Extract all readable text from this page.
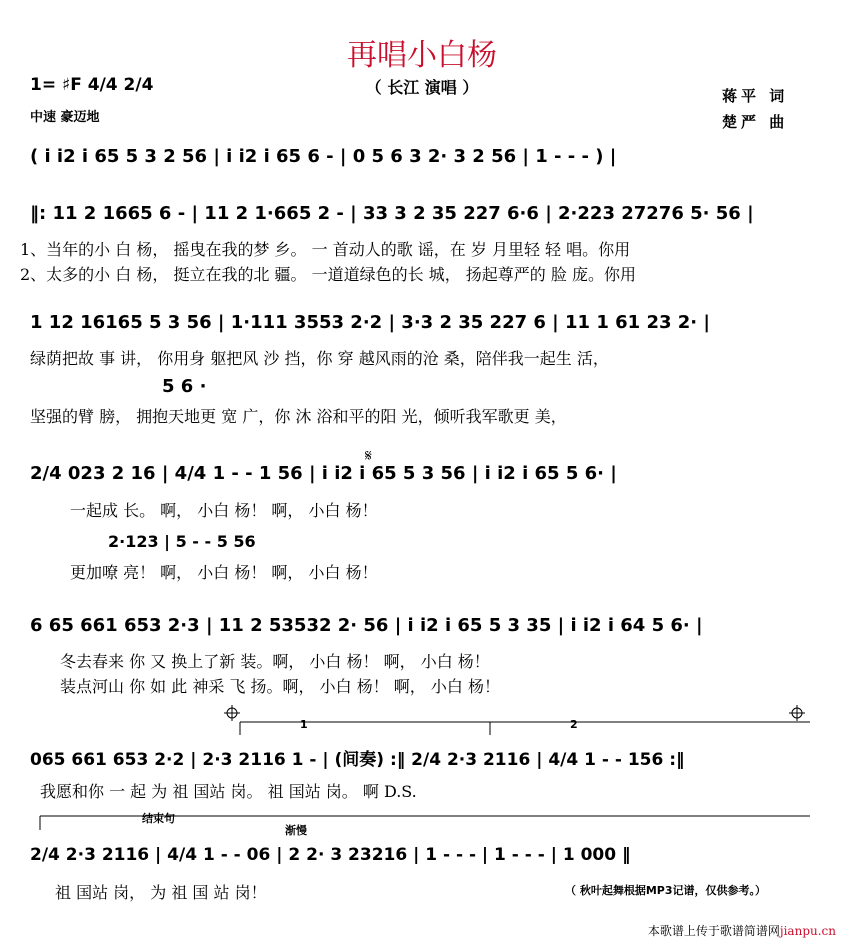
再唱小白杨
（ 长江 演唱 ）
1= ♯F 4/4 2/4
中速 豪迈地
蒋平 词
楚严 曲
( i i2 i 65 5 3 2 56 | i i2 i 65 6 - | 0 5 6 3 2· 3 2 56 | 1 - - - ) |
‖: 11 2 1665 6 - | 11 2 1·665 2 - | 33 3 2 35 227 6·6 | 2·223 27276 5· 56 |
1、当年的小 白 杨， 摇曳在我的梦 乡。 一 首动人的歌 谣，在 岁 月里轻 轻 唱。你用
2、太多的小 白 杨， 挺立在我的北 疆。 一道道绿色的长 城， 扬起尊严的 脸 庞。你用
1 12 16165 5 3 56 | 1·111 3553 2·2 | 3·3 2 35 227 6 | 11 1 61 23 2· |
绿荫把故 事 讲， 你用身 躯把风 沙 挡，你 穿 越风雨的沧 桑，陪伴我一起生 活，
5 6 ·
坚强的臂 膀， 拥抱天地更 宽 广，你 沐 浴和平的阳 光，倾听我军歌更 美，
2/4 023 2 16 | 4/4 1 - - 1 56 | i i2 i 65 5 3 56 | i i2 i 65 5 6· |
𝄋
一起成 长。 啊， 小白 杨！ 啊， 小白 杨！
2·123 | 5 - - 5 56
更加嘹 亮！ 啊， 小白 杨！ 啊， 小白 杨！
6 65 661 653 2·3 | 11 2 53532 2· 56 | i i2 i 65 5 3 35 | i i2 i 64 5 6· |
冬去春来 你 又 换上了新 装。啊， 小白 杨！ 啊， 小白 杨！
装点河山 你 如 此 神采 飞 扬。啊， 小白 杨！ 啊， 小白 杨！
1	2
065 661 653 2·2 | 2·3 2116 1 - | (间奏) :‖ 2/4 2·3 2116 | 4/4 1 - - 156 :‖
我愿和你 一 起 为 祖 国站 岗。 祖 国站 岗。 啊 D.S.
结束句
渐慢
2/4 2·3 2116 | 4/4 1 - - 06 | 2 2· 3 23216 | 1 - - - | 1 - - - | 1 000 ‖
祖 国站 岗， 为 祖 国 站 岗！	（ 秋叶起舞根据MP3记谱，仅供参考。）
本歌谱上传于歌谱简谱网jianpu.cn
